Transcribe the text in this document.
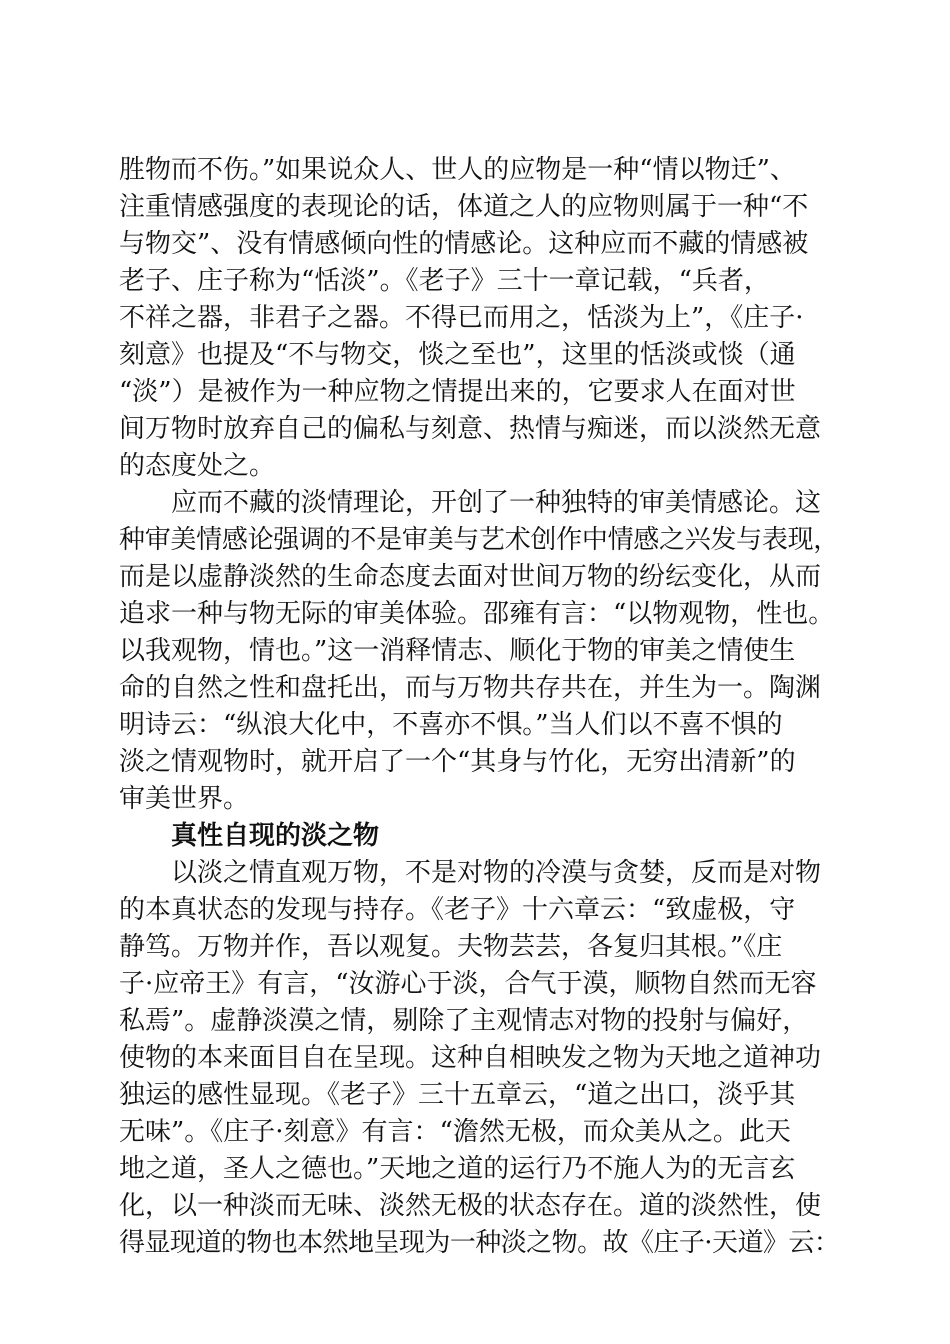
胜物而不伤。”如果说众人、世人的应物是一种“情以物迁”、
注重情感强度的表现论的话，体道之人的应物则属于一种“不
与物交”、没有情感倾向性的情感论。这种应而不藏的情感被
老子、庄子称为“恬淡”。《老子》三十一章记载，“兵者，
不祥之器，非君子之器。不得已而用之，恬淡为上”，《庄子·
刻意》也提及“不与物交，惔之至也”，这里的恬淡或惔（通
“淡”）是被作为一种应物之情提出来的，它要求人在面对世
间万物时放弃自己的偏私与刻意、热情与痴迷，而以淡然无意
的态度处之。
应而不藏的淡情理论，开创了一种独特的审美情感论。这
种审美情感论强调的不是审美与艺术创作中情感之兴发与表现，
而是以虚静淡然的生命态度去面对世间万物的纷纭变化，从而
追求一种与物无际的审美体验。邵雍有言：“以物观物，性也。
以我观物，情也。”这一消释情志、顺化于物的审美之情使生
命的自然之性和盘托出，而与万物共存共在，并生为一。陶渊
明诗云：“纵浪大化中，不喜亦不惧。”当人们以不喜不惧的
淡之情观物时，就开启了一个“其身与竹化，无穷出清新”的
审美世界。
真性自现的淡之物
以淡之情直观万物，不是对物的冷漠与贪婪，反而是对物
的本真状态的发现与持存。《老子》十六章云：“致虚极，守
静笃。万物并作，吾以观复。夫物芸芸，各复归其根。”《庄
子·应帝王》有言，“汝游心于淡，合气于漠，顺物自然而无容
私焉”。虚静淡漠之情，剔除了主观情志对物的投射与偏好，
使物的本来面目自在呈现。这种自相映发之物为天地之道神功
独运的感性显现。《老子》三十五章云，“道之出口，淡乎其
无味”。《庄子·刻意》有言：“澹然无极，而众美从之。此天
地之道，圣人之德也。”天地之道的运行乃不施人为的无言玄
化，以一种淡而无味、淡然无极的状态存在。道的淡然性，使
得显现道的物也本然地呈现为一种淡之物。故《庄子·天道》云：
